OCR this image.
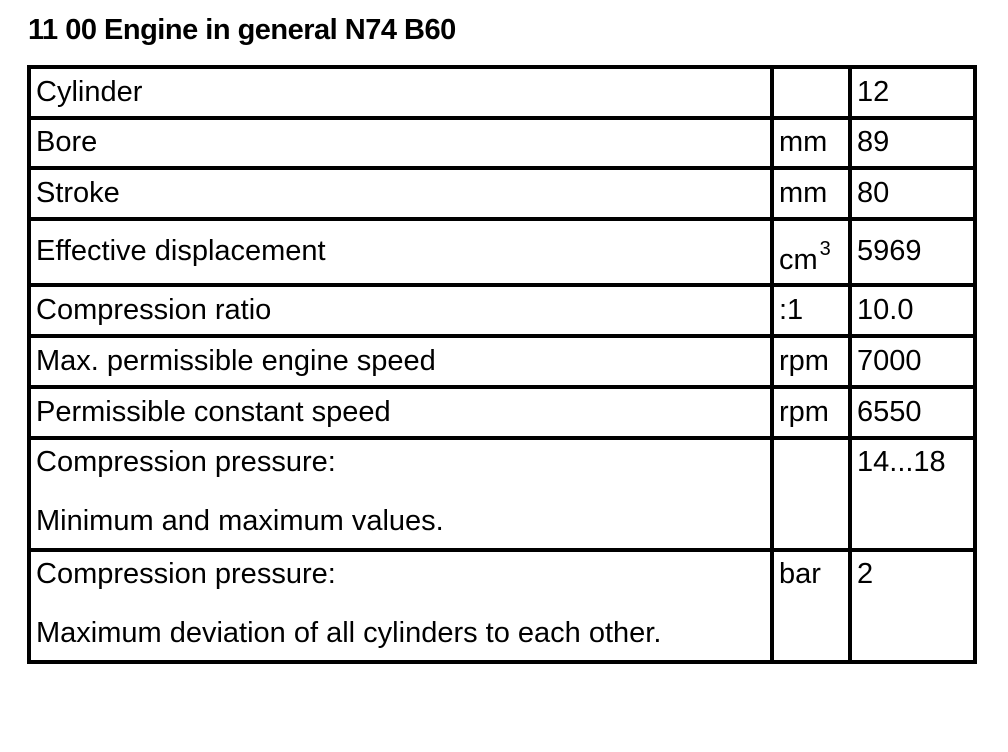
11 00 Engine in general N74 B60
Cylinder		12
Bore	mm	89
Stroke	mm	80
Effective displacement	cm $^3$	5969
Compression ratio	:1	10.0
Max. permissible engine speed	rpm	7000
Permissible constant speed	rpm	6550

Compression pressure:
Minimum and maximum values.		14...18

Compression pressure:
Maximum deviation of all cylinders to each other.	bar	2
